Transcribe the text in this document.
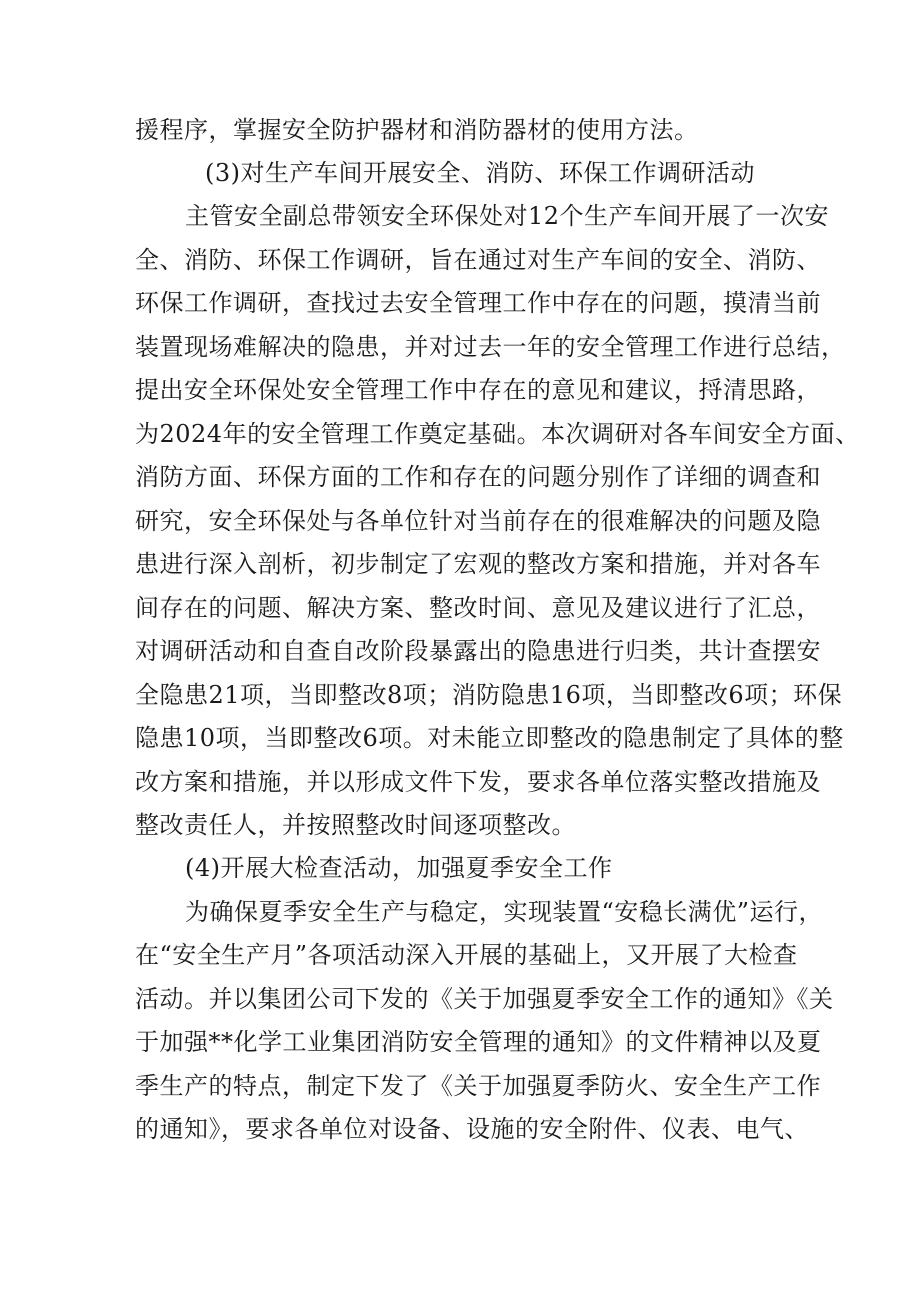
援程序，掌握安全防护器材和消防器材的使用方法。
(3)对生产车间开展安全、消防、环保工作调研活动
主管安全副总带领安全环保处对12个生产车间开展了一次安
全、消防、环保工作调研，旨在通过对生产车间的安全、消防、
环保工作调研，查找过去安全管理工作中存在的问题，摸清当前
装置现场难解决的隐患，并对过去一年的安全管理工作进行总结，
提出安全环保处安全管理工作中存在的意见和建议，捋清思路，
为2024年的安全管理工作奠定基础。本次调研对各车间安全方面、
消防方面、环保方面的工作和存在的问题分别作了详细的调查和
研究，安全环保处与各单位针对当前存在的很难解决的问题及隐
患进行深入剖析，初步制定了宏观的整改方案和措施，并对各车
间存在的问题、解决方案、整改时间、意见及建议进行了汇总，
对调研活动和自查自改阶段暴露出的隐患进行归类，共计查摆安
全隐患21项，当即整改8项；消防隐患16项，当即整改6项；环保
隐患10项，当即整改6项。对未能立即整改的隐患制定了具体的整
改方案和措施，并以形成文件下发，要求各单位落实整改措施及
整改责任人，并按照整改时间逐项整改。
(4)开展大检查活动，加强夏季安全工作
为确保夏季安全生产与稳定，实现装置“安稳长满优”运行，
在“安全生产月”各项活动深入开展的基础上，又开展了大检查
活动。并以集团公司下发的《关于加强夏季安全工作的通知》《关
于加强**化学工业集团消防安全管理的通知》的文件精神以及夏
季生产的特点，制定下发了《关于加强夏季防火、安全生产工作
的通知》，要求各单位对设备、设施的安全附件、仪表、电气、
